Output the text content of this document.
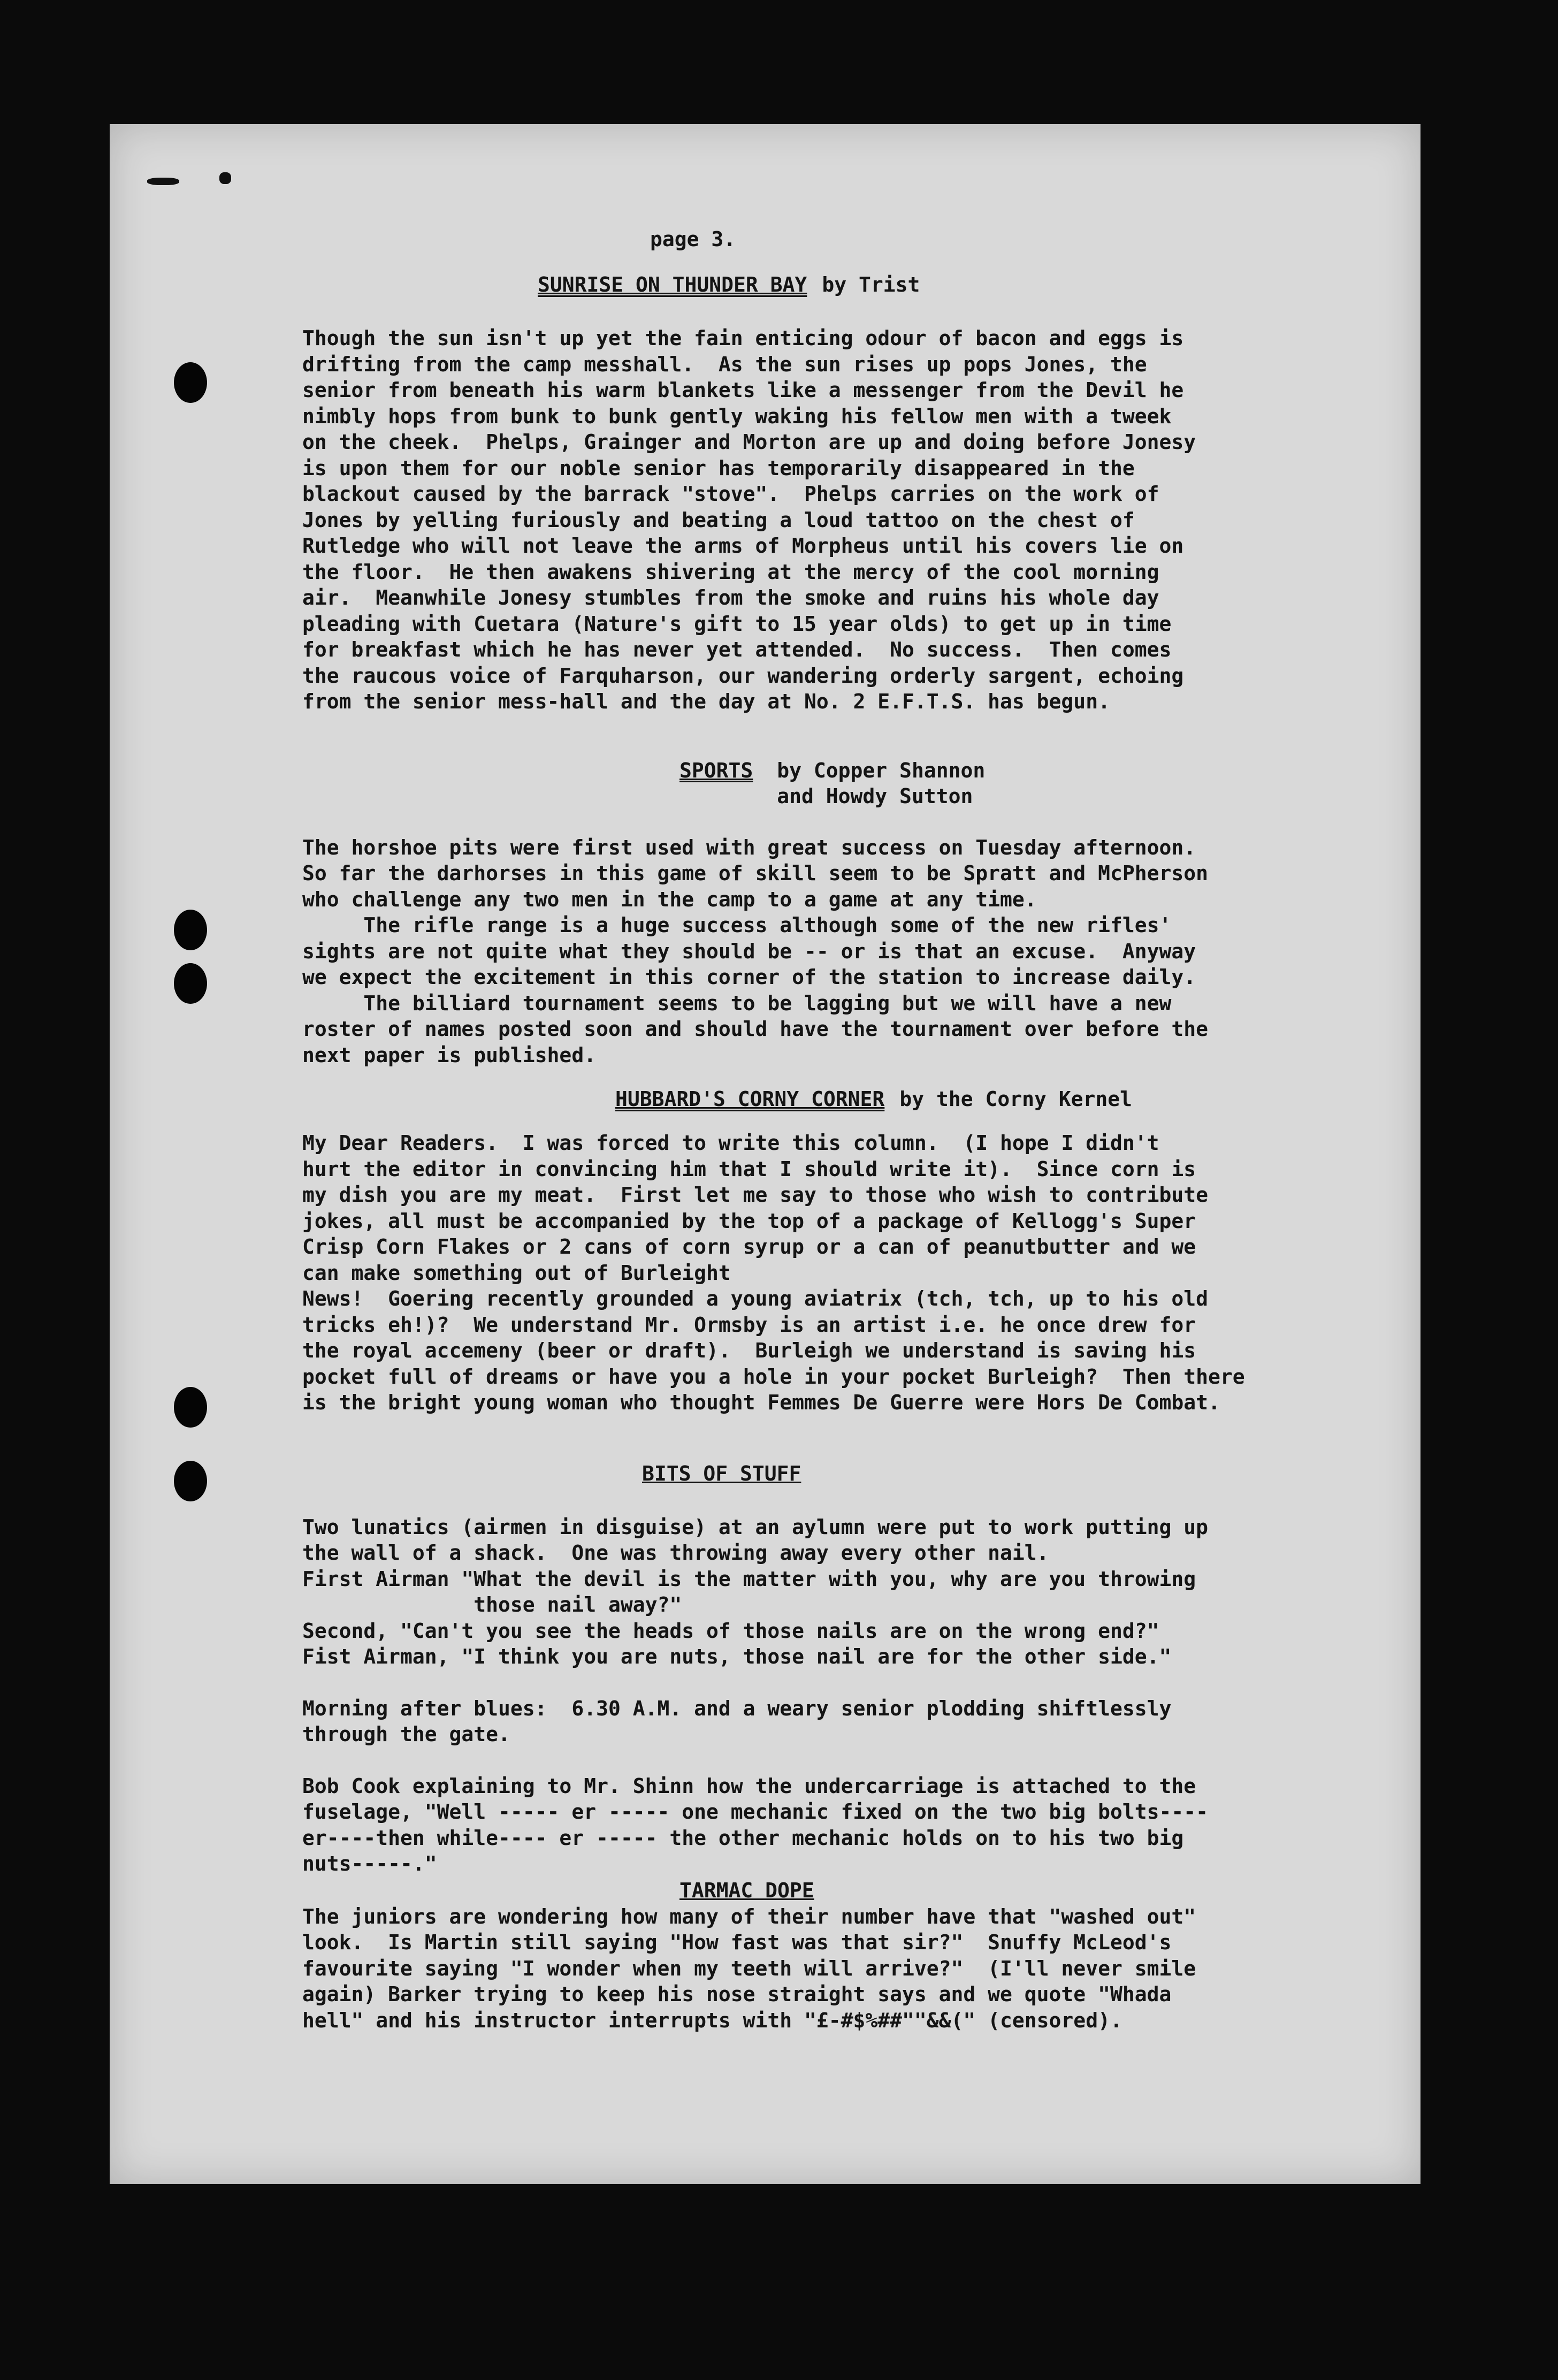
page 3.

SUNRISE ON THUNDER BAY by Trist

Though the sun isn't up yet the fain enticing odour of bacon and eggs is
drifting from the camp messhall.  As the sun rises up pops Jones, the
senior from beneath his warm blankets like a messenger from the Devil he
nimbly hops from bunk to bunk gently waking his fellow men with a tweek
on the cheek.  Phelps, Grainger and Morton are up and doing before Jonesy
is upon them for our noble senior has temporarily disappeared in the
blackout caused by the barrack "stove".  Phelps carries on the work of
Jones by yelling furiously and beating a loud tattoo on the chest of
Rutledge who will not leave the arms of Morpheus until his covers lie on
the floor.  He then awakens shivering at the mercy of the cool morning
air.  Meanwhile Jonesy stumbles from the smoke and ruins his whole day
pleading with Cuetara (Nature's gift to 15 year olds) to get up in time
for breakfast which he has never yet attended.  No success.  Then comes
the raucous voice of Farquharson, our wandering orderly sargent, echoing
from the senior mess-hall and the day at No. 2 E.F.T.S. has begun.

SPORTS by Copper Shannon
and Howdy Sutton

The horshoe pits were first used with great success on Tuesday afternoon.
So far the darhorses in this game of skill seem to be Spratt and McPherson
who challenge any two men in the camp to a game at any time.
The rifle range is a huge success although some of the new rifles'
sights are not quite what they should be -- or is that an excuse.  Anyway
we expect the excitement in this corner of the station to increase daily.
The billiard tournament seems to be lagging but we will have a new
roster of names posted soon and should have the tournament over before the
next paper is published.

HUBBARD'S CORNY CORNER by the Corny Kernel

My Dear Readers.  I was forced to write this column.  (I hope I didn't
hurt the editor in convincing him that I should write it).  Since corn is
my dish you are my meat.  First let me say to those who wish to contribute
jokes, all must be accompanied by the top of a package of Kellogg's Super
Crisp Corn Flakes or 2 cans of corn syrup or a can of peanutbutter and we
can make something out of Burleight
News!  Goering recently grounded a young aviatrix (tch, tch, up to his old
tricks eh!)?  We understand Mr. Ormsby is an artist i.e. he once drew for
the royal accemeny (beer or draft).  Burleigh we understand is saving his
pocket full of dreams or have you a hole in your pocket Burleigh?  Then there
is the bright young woman who thought Femmes De Guerre were Hors De Combat.

BITS OF STUFF

Two lunatics (airmen in disguise) at an aylumn were put to work putting up
the wall of a shack.  One was throwing away every other nail.
First Airman "What the devil is the matter with you, why are you throwing
those nail away?"
Second, "Can't you see the heads of those nails are on the wrong end?"
Fist Airman, "I think you are nuts, those nail are for the other side."

Morning after blues:  6.30 A.M. and a weary senior plodding shiftlessly
through the gate.

Bob Cook explaining to Mr. Shinn how the undercarriage is attached to the
fuselage, "Well ----- er ----- one mechanic fixed on the two big bolts----
er----then while---- er ----- the other mechanic holds on to his two big
nuts-----."

TARMAC DOPE

The juniors are wondering how many of their number have that "washed out"
look.  Is Martin still saying "How fast was that sir?"  Snuffy McLeod's
favourite saying "I wonder when my teeth will arrive?"  (I'll never smile
again) Barker trying to keep his nose straight says and we quote "Whada
hell" and his instructor interrupts with "£-#$%##""&&(" (censored).
